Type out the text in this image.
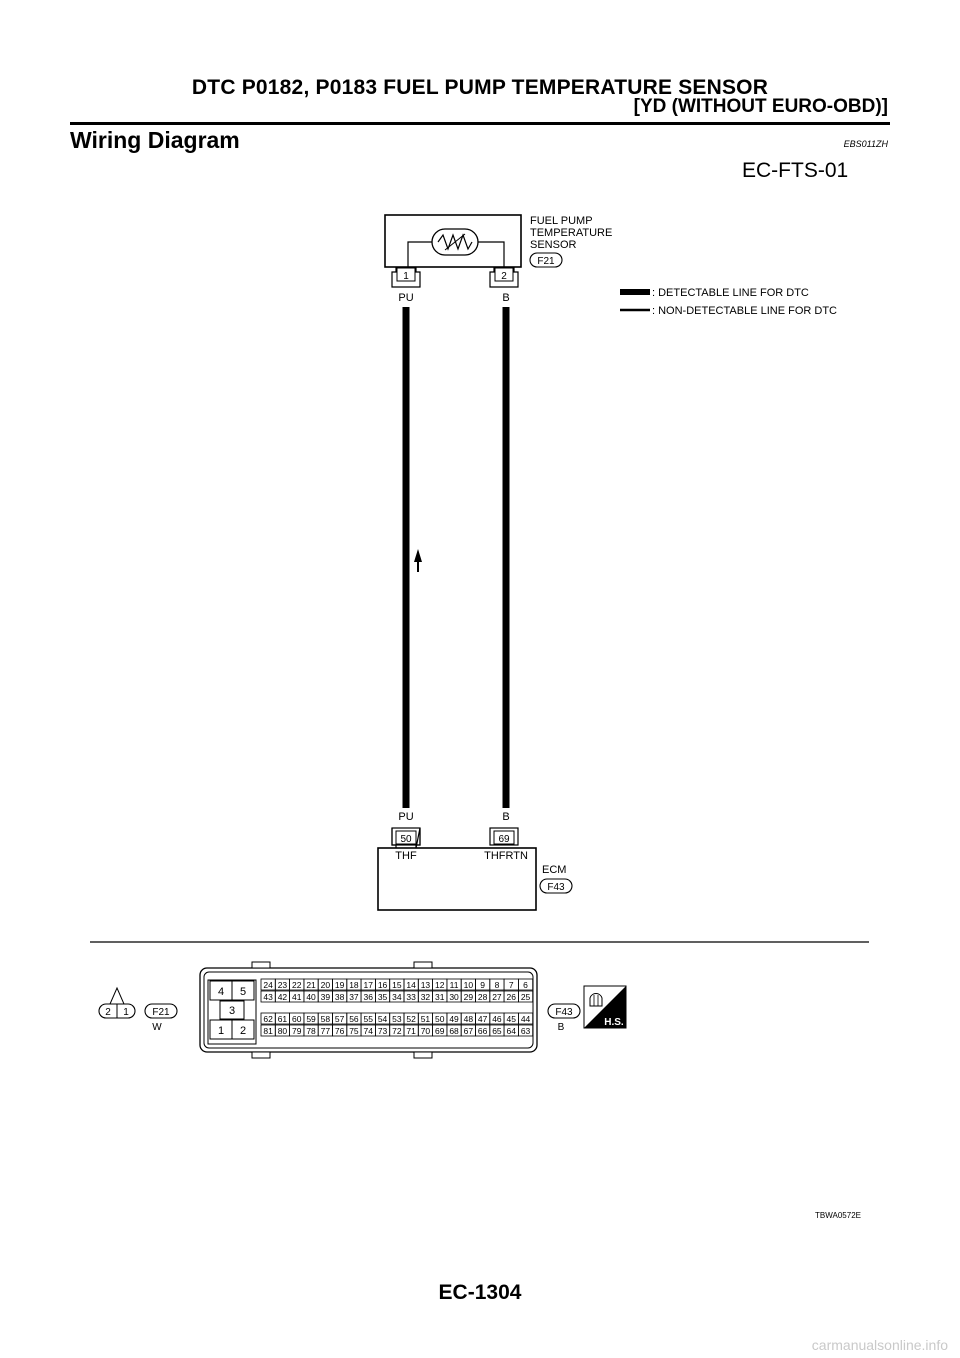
DTC P0182, P0183 FUEL PUMP TEMPERATURE SENSOR
[YD (WITHOUT EURO-OBD)]
Wiring Diagram	EBS011ZH
EC-FTS-01
FUEL PUMP
TEMPERATURE
SENSOR
F21
1	2
PU	B	: DETECTABLE LINE FOR DTC
: NON-DETECTABLE LINE FOR DTC
PU	B
50	69
THF	THFRTN
ECM
F43
2 1 F21
W
4 5
3
1 2
24 23 22 21 20 19 18 17 16 15 14 13 12 11 10 9 8 7 6
43 42 41 40 39 38 37 36 35 34 33 32 31 30 29 28 27 26 25
62 61 60 59 58 57 56 55 54 53 52 51 50 49 48 47 46 45 44
81 80 79 78 77 76 75 74 73 72 71 70 69 68 67 66 65 64 63
F43
B	H.S.
TBWA0572E
EC-1304
carmanualsonline.info
